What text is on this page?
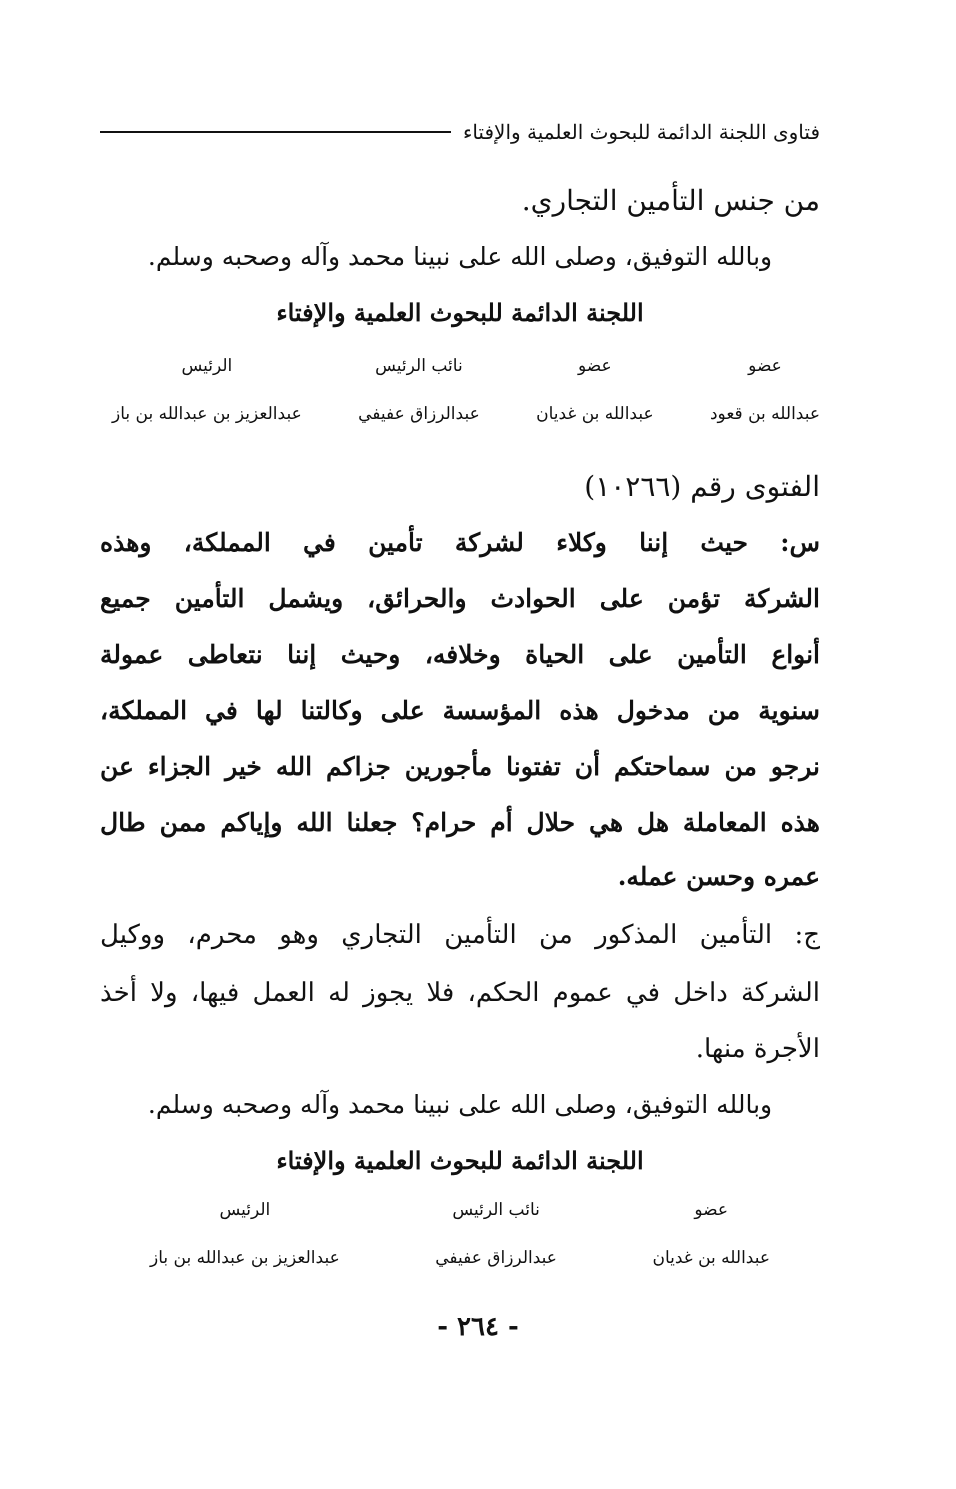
فتاوى اللجنة الدائمة للبحوث العلمية والإفتاء
من جنس التأمين التجاري.
وبالله التوفيق، وصلى الله على نبينا محمد وآله وصحبه وسلم.
اللجنة الدائمة للبحوث العلمية والإفتاء
عضو
عبدالله بن قعود
عضو
عبدالله بن غديان
نائب الرئيس
عبدالرزاق عفيفي
الرئيس
عبدالعزيز بن عبدالله بن باز
الفتوى رقم (١٠٢٦٦)
س: حيث إننا وكلاء لشركة تأمين في المملكة، وهذه
الشركة تؤمن على الحوادث والحرائق، ويشمل التأمين جميع
أنواع التأمين على الحياة وخلافه، وحيث إننا نتعاطى عمولة
سنوية من مدخول هذه المؤسسة على وكالتنا لها في المملكة،
نرجو من سماحتكم أن تفتونا مأجورين جزاكم الله خير الجزاء عن
هذه المعاملة هل هي حلال أم حرام؟ جعلنا الله وإياكم ممن طال
عمره وحسن عمله.
ج: التأمين المذكور من التأمين التجاري وهو محرم، ووكيل
الشركة داخل في عموم الحكم، فلا يجوز له العمل فيها، ولا أخذ
الأجرة منها.
وبالله التوفيق، وصلى الله على نبينا محمد وآله وصحبه وسلم.
اللجنة الدائمة للبحوث العلمية والإفتاء
عضو
عبدالله بن غديان
نائب الرئيس
عبدالرزاق عفيفي
الرئيس
عبدالعزيز بن عبدالله بن باز
- ٢٦٤ -
